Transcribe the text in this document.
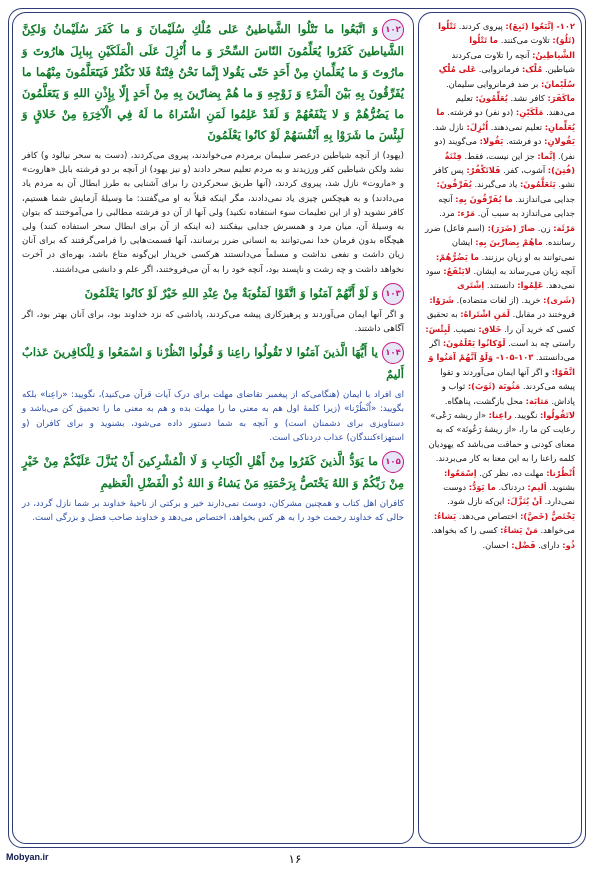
۱۰۲وَ اتَّبَعُوا ما تَتْلُوا الشَّياطينُ عَلى مُلْكِ سُلَيْمانَ وَ ما كَفَرَ سُلَيْمانُ وَلكِنَّ الشَّياطينَ كَفَرُوا يُعَلِّمُونَ النّاسَ السِّحْرَ وَ ما أُنْزِلَ عَلَى الْمَلَكَيْنِ بِبابِلَ هارُوتَ وَ مارُوتَ وَ ما يُعَلِّمانِ مِنْ أَحَدٍ حَتّى يَقُولا إِنَّما نَحْنُ فِتْنَةٌ فَلا تَكْفُرْ فَيَتَعَلَّمُونَ مِنْهُما ما يُفَرِّقُونَ بِهِ بَيْنَ الْمَرْءِ وَ زَوْجِهِ وَ ما هُمْ بِضارّينَ بِهِ مِنْ أَحَدٍ إِلّا بِإِذْنِ اللهِ وَ يَتَعَلَّمُونَ ما يَضُرُّهُمْ وَ لا يَنْفَعُهُمْ وَ لَقَدْ عَلِمُوا لَمَنِ اشْتَراهُ ما لَهُ فِي الْآخِرَةِ مِنْ خَلاقٍ وَ لَبِئْسَ ما شَرَوْا بِهِ أَنْفُسَهُمْ لَوْ كانُوا يَعْلَمُونَ
(یهود) از آنچه شیاطین درعصر سلیمان برمردم می‌خواندند، پیروی می‌کردند، (دست به سحر نیالود و) کافر نشد ولکن شیاطین کفر ورزیدند و به مردم تعلیم سحر دادند (و نیز یهود) از آنچه بر دو فرشته بابل «هاروت» و «ماروت» نازل شد، پیروی کردند، (آنها طریق سحرکردن را برای آشنایی به طرز ابطال آن به مردم یاد می‌دادند) و به هیچکس چیزی یاد نمی‌دادند، مگر اینکه قبلاً به او می‌گفتند: ما وسیلهٔ آزمایش شما هستیم، کافر نشوید (و از این تعلیمات سوء استفاده نکنید) ولی آنها از آن دو فرشته مطالبی را می‌آموختند که بتوان به وسیلهٔ آن، میان مرد و همسرش جدایی بیفکنند (نه اینکه از آن برای ابطال سحر استفاده کنند) ولی هیچگاه بدون فرمان خدا نمی‌توانند به انسانی ضرر برسانند، آنها قسمت‌هایی را فرامی‌گرفتند که برای آنان زیان داشت و نفعی نداشت و مسلماً می‌دانستند هرکسی خریدار این‌گونه متاع باشد، بهره‌ای در آخرت نخواهد داشت و چه زشت و ناپسند بود، آنچه خود را به آن می‌فروختند، اگر علم و دانشی می‌داشتند.
۱۰۳وَ لَوْ أَنَّهُمْ آمَنُوا وَ اتَّقَوْا لَمَثُوبَةٌ مِنْ عِنْدِ اللهِ خَيْرٌ لَوْ كانُوا يَعْلَمُونَ
و اگر آنها ایمان می‌آوردند و پرهیزکاری پیشه می‌کردند، پاداشی که نزد خداوند بود، برای آنان بهتر بود، اگر آگاهی داشتند.
۱۰۴يا أَيُّهَا الَّذينَ آمَنُوا لا تَقُولُوا راعِنا وَ قُولُوا انْظُرْنا وَ اسْمَعُوا وَ لِلْكافِرينَ عَذابٌ أَليمٌ
ای افراد با ایمان (هنگامی‌که از پیغمبر تقاضای مهلت برای درک آیات قرآن می‌کنید)، نگویید: «راعِنا» بلکه بگویید: «اُنْظُرْنا» (زیرا کلمهٔ اول هم به معنی ما را مهلت بده و هم به معنی ما را تحمیق کن می‌باشد و دستاویزی برای دشمنان است) و آنچه به شما دستور داده می‌شود، بشنوید و برای کافران (و استهزاءکنندگان) عذاب دردناکی است.
۱۰۵ما يَوَدُّ الَّذينَ كَفَرُوا مِنْ أَهْلِ الْكِتابِ وَ لَا الْمُشْرِكينَ أَنْ يُنَزَّلَ عَلَيْكُمْ مِنْ خَيْرٍ مِنْ رَبِّكُمْ وَ اللهُ يَخْتَصُّ بِرَحْمَتِهِ مَنْ يَشاءُ وَ اللهُ ذُو الْفَضْلِ الْعَظيمِ
کافران اهل کتاب و همچنین مشرکان، دوست نمی‌دارند خیر و برکتی از ناحیهٔ خداوند بر شما نازل گردد، در حالی که خداوند رحمت خود را به هر کس بخواهد، اختصاص می‌دهد و خداوند صاحب فضل و بزرگی است.
۱۰۲- اِتَّبَعُوا (تَبِعَ): پیروی کردند. تَتْلُوا (تَلُوَ): تلاوت می‌کنند. ما تَتْلُوا الشَّیاطِینُ: آنچه را تلاوت می‌کردند شیاطین. مُلْک: فرمانروایی. عَلی مُلْکِ سُلَیْمانَ: بر ضد فرمانروایی سلیمان. ماکَفَرَ: کافر نشد. یُعَلِّمُونَ: تعلیم می‌دهند. مَلَکَیْنِ: (دو نفر) دو فرشته. ما یُعَلِّمانِ: تعلیم نمی‌دهند. اُنْزِلَ: نازل شد. یَقُولانِ: دو فرشته. یَقُولا: می‌گویند (دو نفر). اِنَّما: جز این نیست، فقط. فِتْنَةٌ (فُتِنَ): آشوب، کفر. فَلاتَکْفُرْ: پس کافر نشو. یَتَعَلَّمُونَ: یاد می‌گیرند. یُفَرِّقُونَ: جدایی می‌اندازند. ما یُفَرِّقُونَ بِهِ: آنچه جدایی می‌اندازد به سبب آن. مَرْء: مرد. مَرْئَة: زن. ضارّ (ضَرَرَ): (اسم فاعل) ضرر رساننده. ماهُمْ بِضارِّینَ بِهِ: ایشان نمی‌توانند به او زیان برزنند. ما یَضُرُّهُمْ: آنچه زیان می‌رساند به ایشان. لایَنْفَعُ: سود نمی‌دهد. عَلِمُوا: دانستند. اِشْتَری (شَری): خرید. (از لغات متضاده). شَرَوْا: فروختند در مقابل. لَمَنِ اشْتَراهُ: به تحقیق کسی که خرید آن را. خَلاق: نصیب. لَبِئْسَ: راستی چه بد است. لَوْکانُوا یَعْلَمُونَ: اگر می‌دانستند. ۱۰۳-۱۰۵- وَلَوْ اَنَّهُمْ آمَنُوا وَ اتَّقَوْا: و اگر آنها ایمان می‌آوردند و تقوا پیشه می‌کردند. مَثُوبَة (ثَوَبَ): ثواب و پاداش. مَثابَة: محل بازگشت، پناهگاه. لاتَقُولُوا: نگویید. راعِنا: «از ریشه رَعْی» رعایت کن ما را، «از ریشهٔ رَعُونَة» که به معنای کودنی و حماقت می‌باشد که یهودیان کلمه راعنا را به این معنا به کار می‌بردند. اُنْظُرْنا: مهلت ده، نظر کن. اِسْمَعُوا: بشنوید. اَلیم: دردناک. ما یَوَدُّ: دوست نمی‌دارد. اَنْ یُنَزَّلَ: این‌که نازل شود. یَخْتَصُّ (خَصَّ): اختصاص می‌دهد. یَشاءُ: می‌خواهد. مَنْ یَشاءُ: کسی را که بخواهد. ذُو: دارای. فَضْل: احسان.
Mobyan.ir	۱۶
